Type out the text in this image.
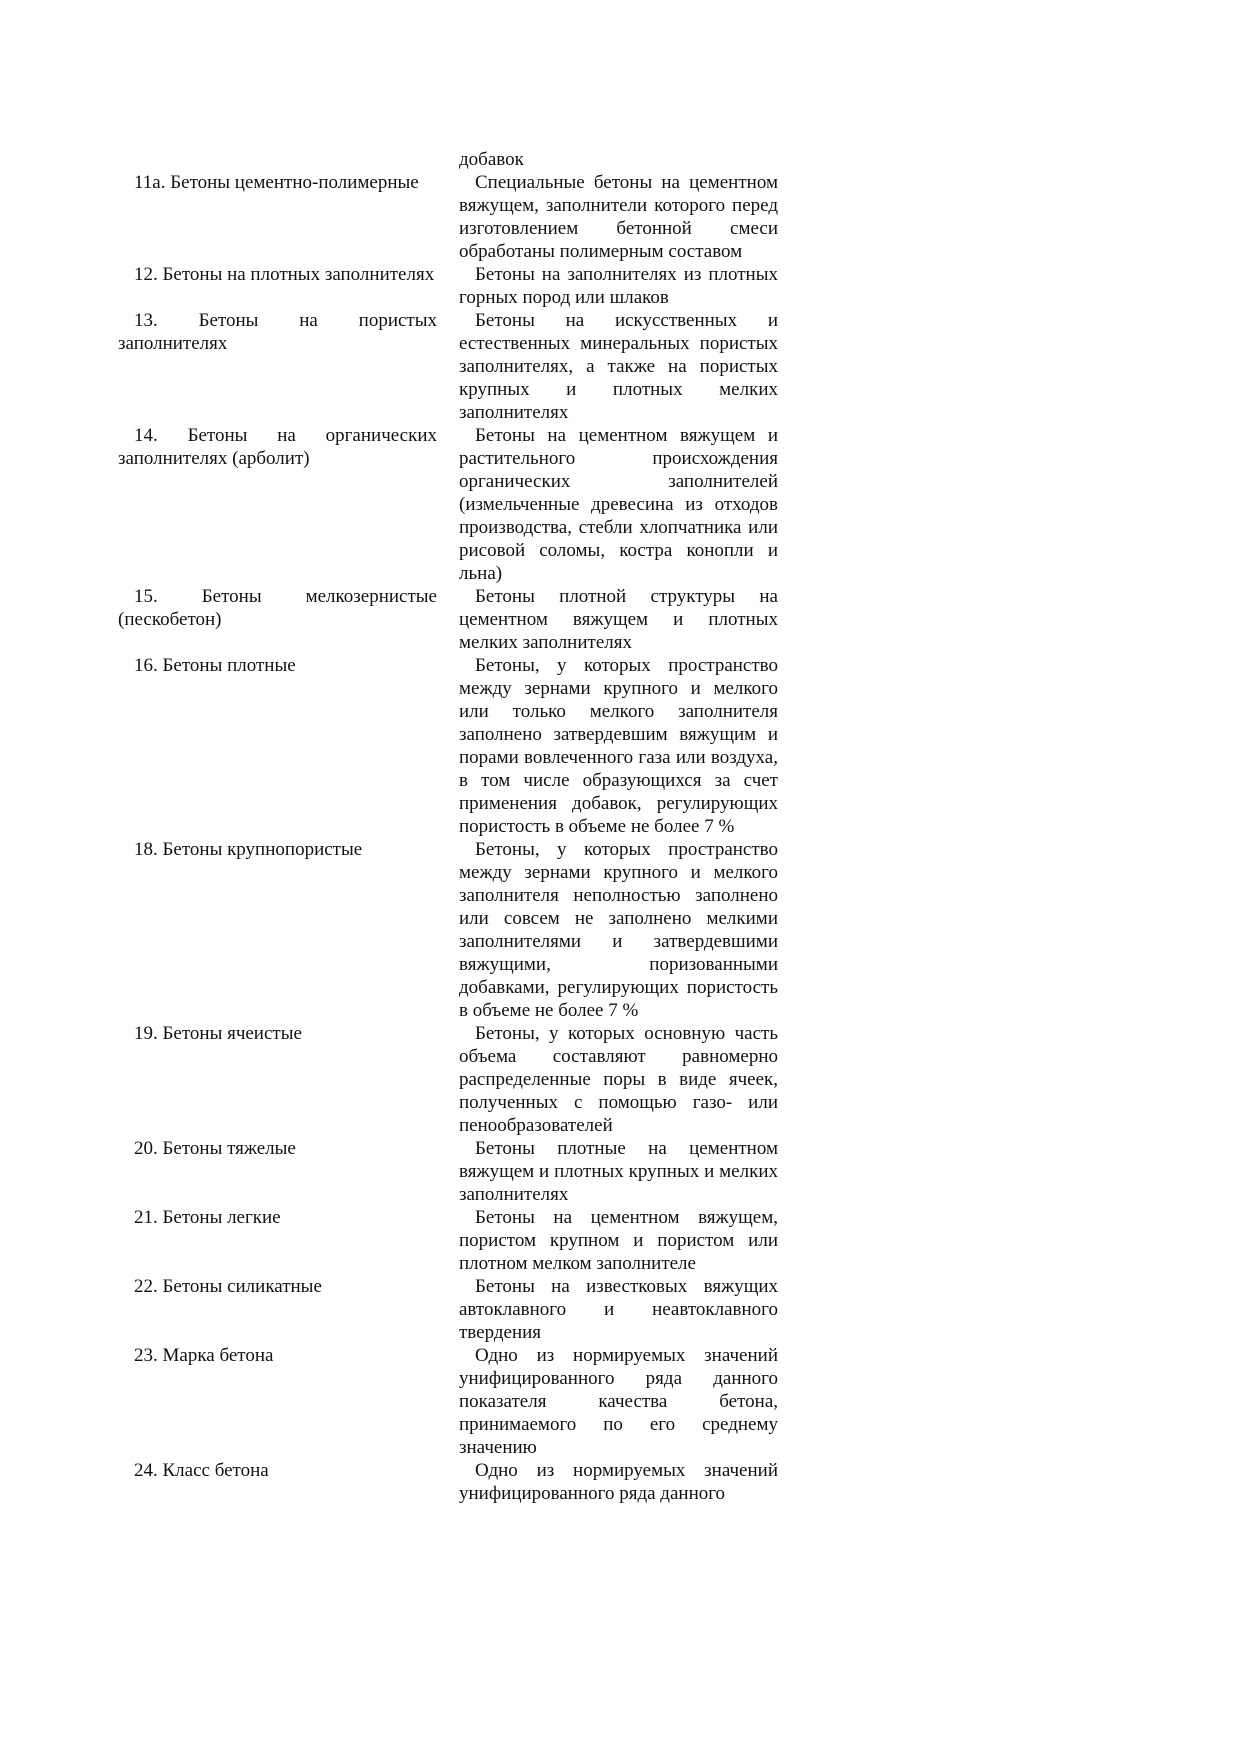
		добавок
11а. Бетоны цементно-полимерные		Специальные бетоны на цементном вяжущем, заполнители которого перед изготовлением бетонной смеси обработаны полимерным составом
12. Бетоны на плотных заполнителях		Бетоны на заполнителях из плотных горных пород или шлаков
13. Бетоны на пористых заполнителях		Бетоны на искусственных и естественных минеральных пористых заполнителях, а также на пористых крупных и плотных мелких заполнителях
14. Бетоны на органических заполнителях (арболит)		Бетоны на цементном вяжущем и растительного происхождения органических заполнителей (измельченные древесина из отходов производства, стебли хлопчатника или рисовой соломы, костра конопли и льна)
15. Бетоны мелкозернистые (пескобетон)		Бетоны плотной структуры на цементном вяжущем и плотных мелких заполнителях
16. Бетоны плотные		Бетоны, у которых пространство между зернами крупного и мелкого или только мелкого заполнителя заполнено затвердевшим вяжущим и порами вовлеченного газа или воздуха, в том числе образующихся за счет применения добавок, регулирующих пористость в объеме не более 7 %
18. Бетоны крупнопористые		Бетоны, у которых пространство между зернами крупного и мелкого заполнителя неполностью заполнено или совсем не заполнено мелкими заполнителями и затвердевшими вяжущими, поризованными добавками, регулирующих пористость в объеме не более 7 %
19. Бетоны ячеистые		Бетоны, у которых основную часть объема составляют равномерно распределенные поры в виде ячеек, полученных с помощью газо- или пенообразователей
20. Бетоны тяжелые		Бетоны плотные на цементном вяжущем и плотных крупных и мелких заполнителях
21. Бетоны легкие		Бетоны на цементном вяжущем, пористом крупном и пористом или плотном мелком заполнителе
22. Бетоны силикатные		Бетоны на известковых вяжущих автоклавного и неавтоклавного твердения
23. Марка бетона		Одно из нормируемых значений унифицированного ряда данного показателя качества бетона, принимаемого по его среднему значению
24. Класс бетона		Одно из нормируемых значений унифицированного ряда данного
